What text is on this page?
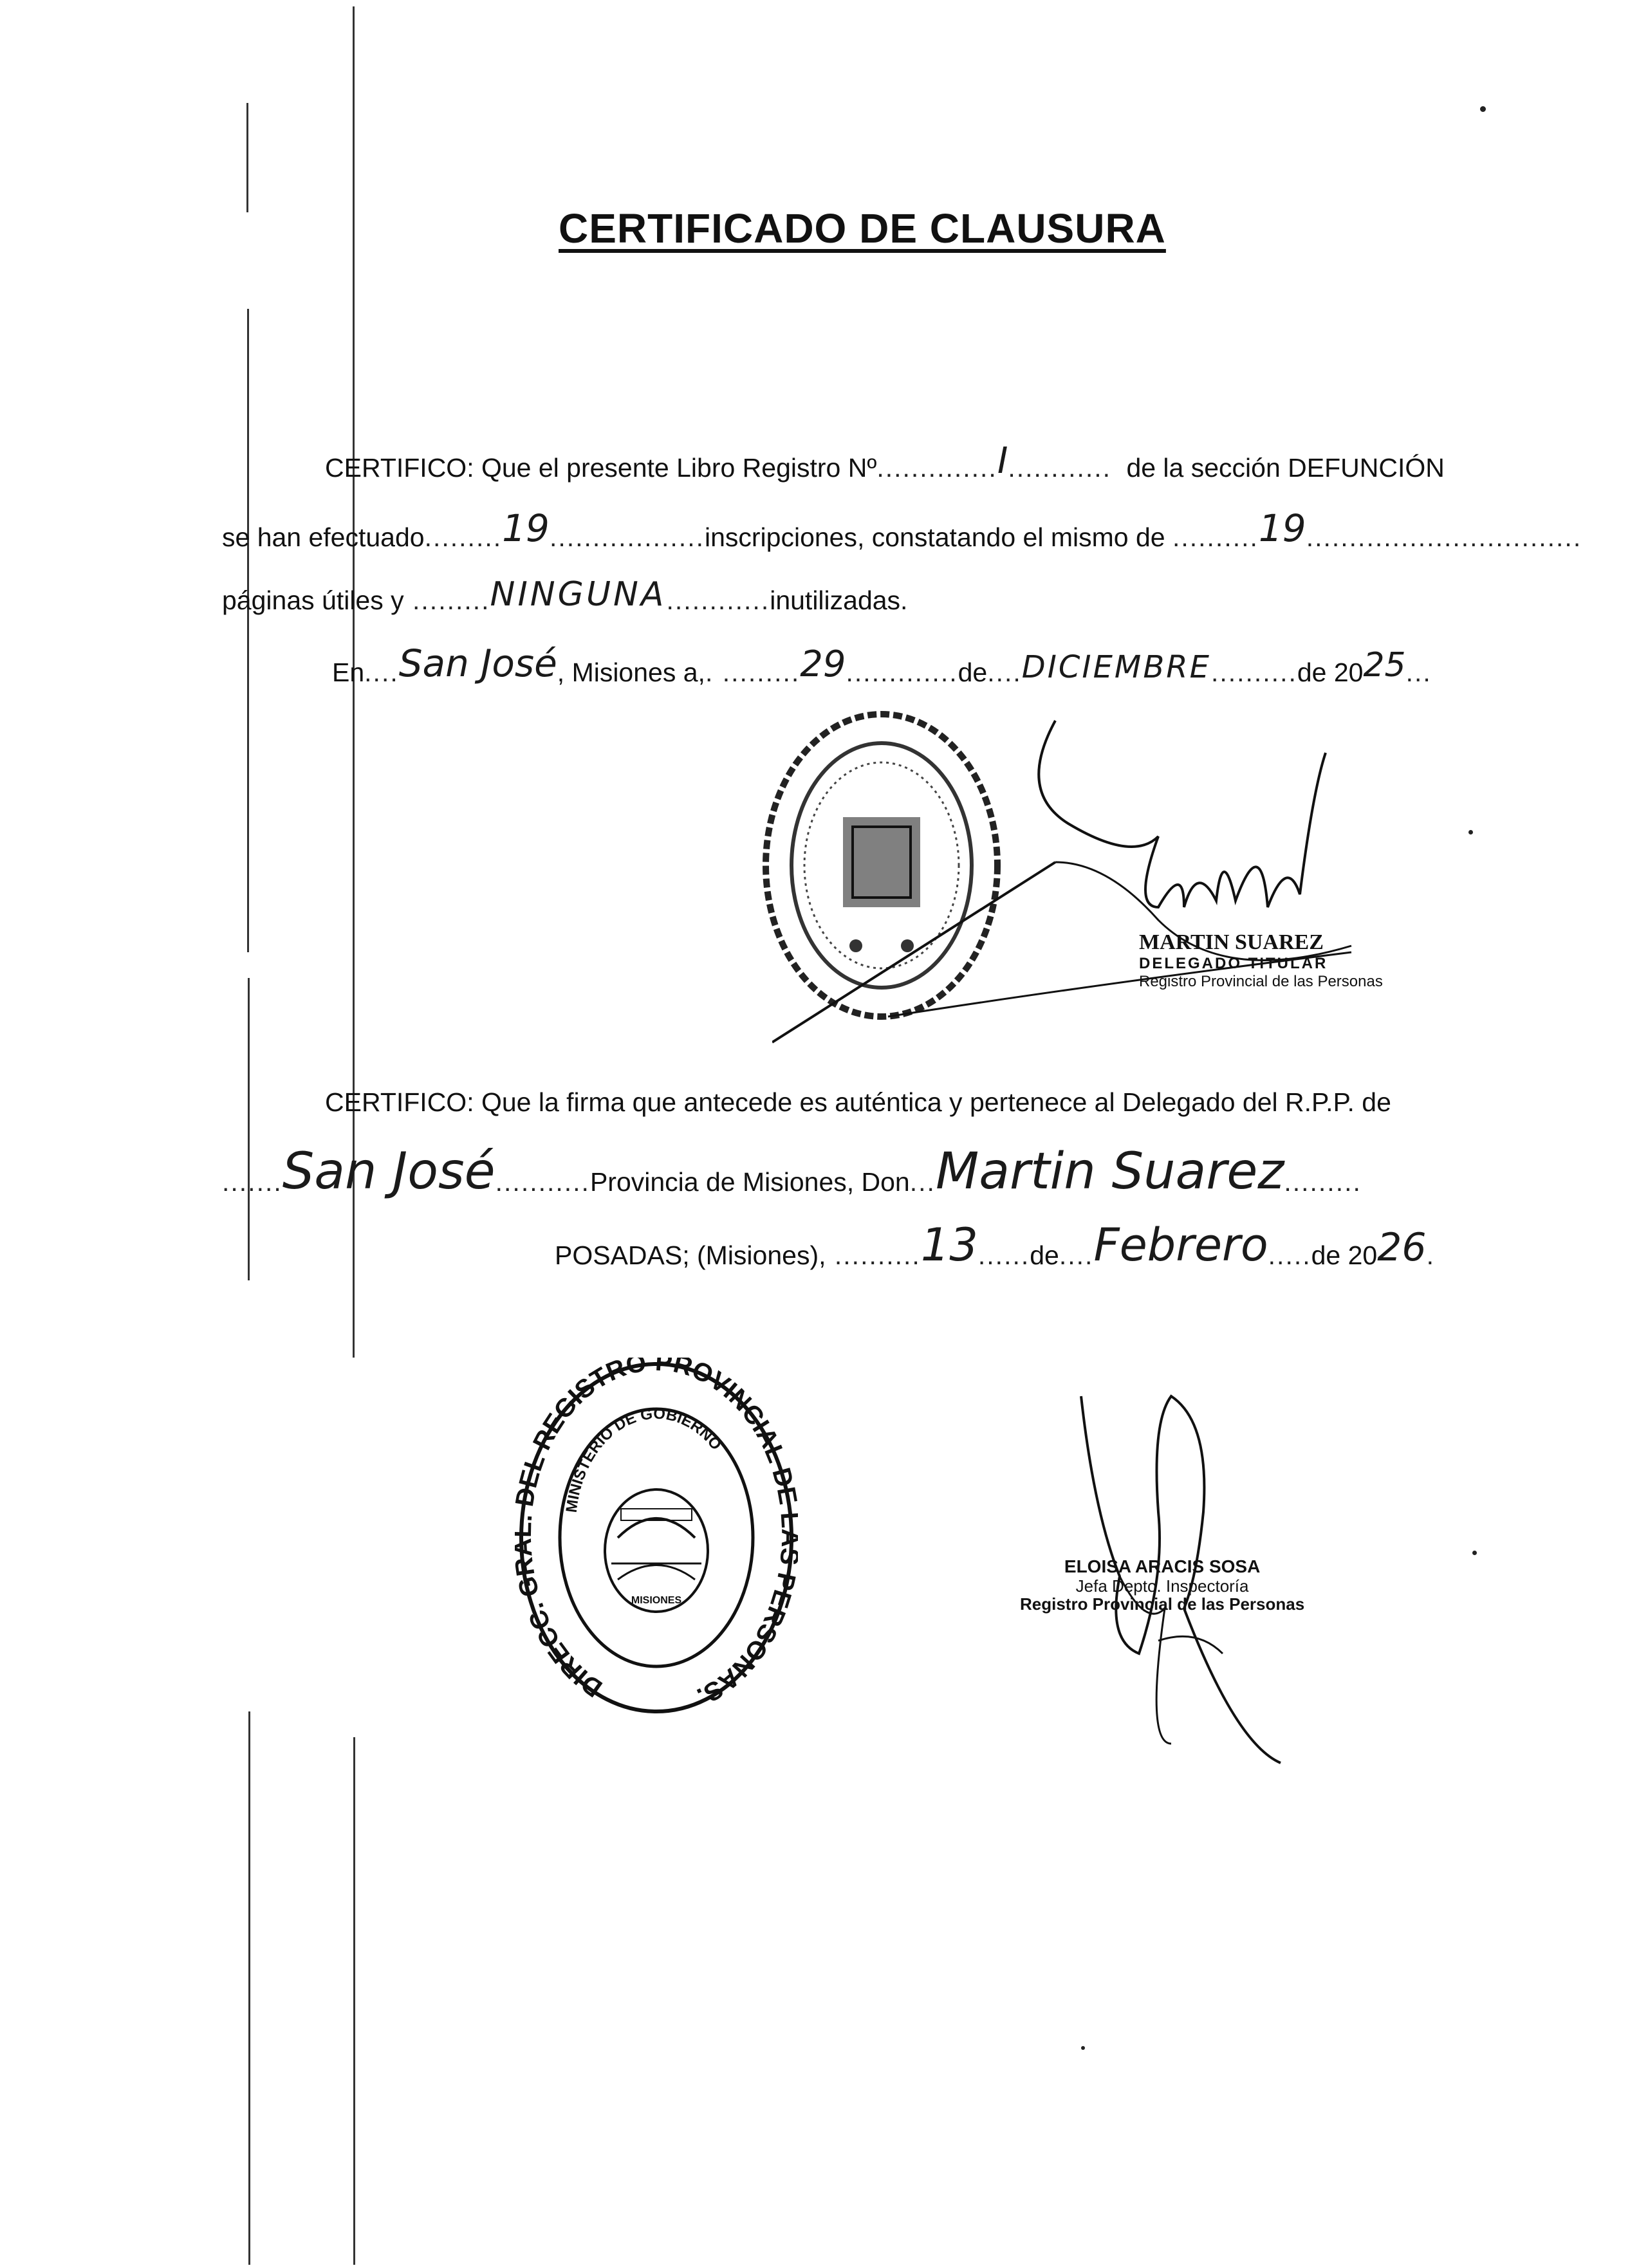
CERTIFICADO DE CLAUSURA
CERTIFICO: Que el presente Libro Registro Nº..............I............ de la sección DEFUNCIÓN
se han efectuado.........19..................inscripciones, constatando el mismo de ..........19................................
páginas útiles y .........NINGUNA............inutilizadas.
En....San José, Misiones a,. .........29.............de....DICIEMBRE..........de 2025...
MARTIN SUAREZ
DELEGADO TITULAR
Registro Provincial de las Personas
CERTIFICO: Que la firma que antecede es auténtica y pertenece al Delegado del R.P.P. de
.......San José...........Provincia de Misiones, Don...Martin Suarez.........
POSADAS; (Misiones), ..........13......de....Febrero.....de 2026.
DIRECC. G EL REGISTRO PROVINCIAL D PERSONAS.
MINISTERIO DE GOBIERNO
MISIONES
ELOISA ARACIS SOSA
Jefa Depto. Inspectoría
Registro Provincial de las Personas
